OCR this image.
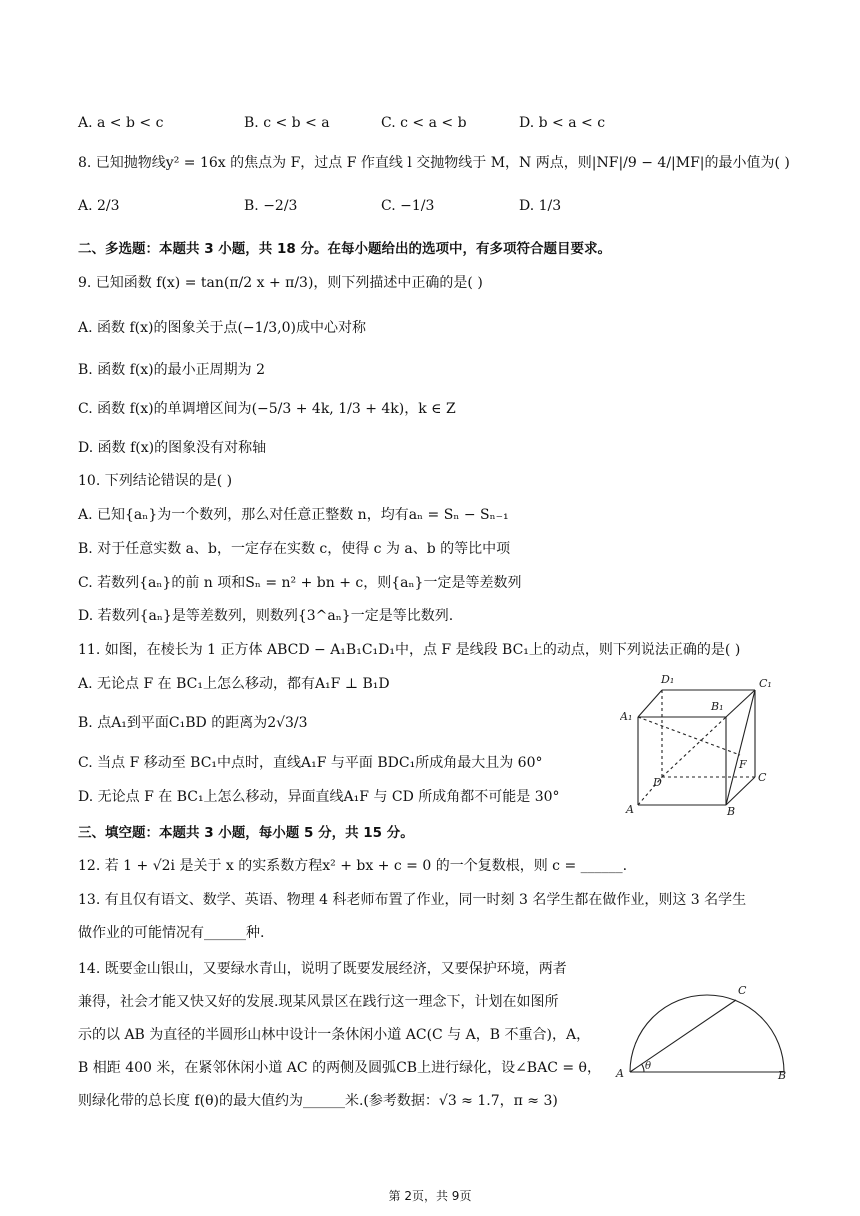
A. a < b < c	B. c < b < a	C. c < a < b	D. b < a < c
8. 已知抛物线y² = 16x 的焦点为 F，过点 F 作直线 l 交抛物线于 M，N 两点，则|NF|/9 − 4/|MF|的最小值为( )
A. 2/3	B. −2/3	C. −1/3	D. 1/3
二、多选题：本题共 3 小题，共 18 分。在每小题给出的选项中，有多项符合题目要求。
9. 已知函数 f(x) = tan(π/2 x + π/3)，则下列描述中正确的是( )
A. 函数 f(x)的图象关于点(−1/3,0)成中心对称
B. 函数 f(x)的最小正周期为 2
C. 函数 f(x)的单调增区间为(−5/3 + 4k, 1/3 + 4k)，k ∈ Z
D. 函数 f(x)的图象没有对称轴
10. 下列结论错误的是( )
A. 已知{aₙ}为一个数列，那么对任意正整数 n，均有aₙ = Sₙ − Sₙ₋₁
B. 对于任意实数 a、b，一定存在实数 c，使得 c 为 a、b 的等比中项
C. 若数列{aₙ}的前 n 项和Sₙ = n² + bn + c，则{aₙ}一定是等差数列
D. 若数列{aₙ}是等差数列，则数列{3^aₙ}一定是等比数列.
11. 如图，在棱长为 1 正方体 ABCD − A₁B₁C₁D₁中，点 F 是线段 BC₁上的动点，则下列说法正确的是( )
A. 无论点 F 在 BC₁上怎么移动，都有A₁F ⊥ B₁D
B. 点A₁到平面C₁BD 的距离为2√3/3
C. 当点 F 移动至 BC₁中点时，直线A₁F 与平面 BDC₁所成角最大且为 60°
D. 无论点 F 在 BC₁上怎么移动，异面直线A₁F 与 CD 所成角都不可能是 30°
D₁	C₁
A₁
B₁
D
F
C
A	B
三、填空题：本题共 3 小题，每小题 5 分，共 15 分。
12. 若 1 + √2i 是关于 x 的实系数方程x² + bx + c = 0 的一个复数根，则 c = ______.
13. 有且仅有语文、数学、英语、物理 4 科老师布置了作业，同一时刻 3 名学生都在做作业，则这 3 名学生
做作业的可能情况有______种.
14. 既要金山银山，又要绿水青山，说明了既要发展经济，又要保护环境，两者
兼得，社会才能又快又好的发展.现某风景区在践行这一理念下，计划在如图所
示的以 AB 为直径的半圆形山林中设计一条休闲小道 AC(C 与 A，B 不重合)，A，
B 相距 400 米，在紧邻休闲小道 AC 的两侧及圆弧CB上进行绿化，设∠BAC = θ，
则绿化带的总长度 f(θ)的最大值约为______米.(参考数据：√3 ≈ 1.7，π ≈ 3)
C
A
θ
B
第 2页，共 9页
